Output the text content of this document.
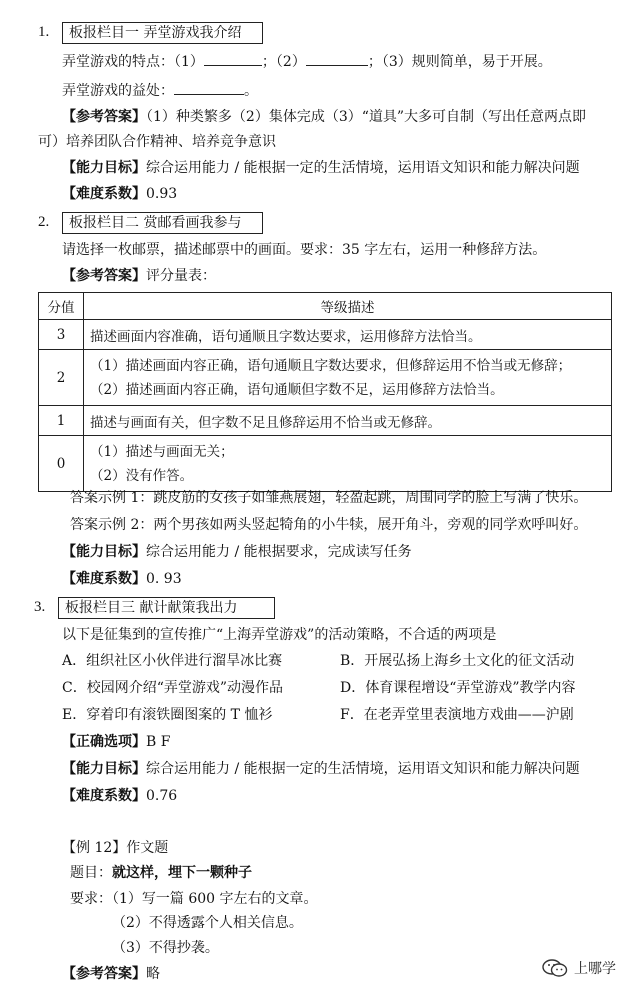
1.	板报栏目一 弄堂游戏我介绍
弄堂游戏的特点：（1）	；（2）	；（3）规则简单，易于开展。
弄堂游戏的益处：	。
【参考答案】（1）种类繁多（2）集体完成（3）“道具”大多可自制（写出任意两点即
可）培养团队合作精神、培养竞争意识
【能力目标】综合运用能力 / 能根据一定的生活情境，运用语文知识和能力解决问题
【难度系数】0.93
2.	板报栏目二 赏邮看画我参与
请选择一枚邮票，描述邮票中的画面。要求：35 字左右，运用一种修辞方法。
【参考答案】评分量表：
分值	等级描述
3	描述画面内容准确，语句通顺且字数达要求，运用修辞方法恰当。
2	（1）描述画面内容正确，语句通顺且字数达要求，但修辞运用不恰当或无修辞；
（2）描述画面内容正确，语句通顺但字数不足，运用修辞方法恰当。

1	描述与画面有关，但字数不足且修辞运用不恰当或无修辞。
0	（1）描述与画面无关；
（2）没有作答。
答案示例 1：跳皮筋的女孩子如雏燕展翅，轻盈起跳，周围同学的脸上写满了快乐。
答案示例 2：两个男孩如两头竖起犄角的小牛犊，展开角斗，旁观的同学欢呼叫好。
【能力目标】综合运用能力 / 能根据要求，完成读写任务
【难度系数】0. 93
3.	板报栏目三 献计献策我出力
以下是征集到的宣传推广“上海弄堂游戏”的活动策略，不合适的两项是
A．组织社区小伙伴进行溜旱冰比赛	B．开展弘扬上海乡土文化的征文活动
C．校园网介绍“弄堂游戏”动漫作品	D．体育课程增设“弄堂游戏”教学内容
E．穿着印有滚铁圈图案的 T 恤衫	F．在老弄堂里表演地方戏曲——沪剧
【正确选项】B F
【能力目标】综合运用能力 / 能根据一定的生活情境，运用语文知识和能力解决问题
【难度系数】0.76
【例 12】作文题
题目：就这样，埋下一颗种子
要求：（1）写一篇 600 字左右的文章。
（2）不得透露个人相关信息。
（3）不得抄袭。
【参考答案】略	上哪学
